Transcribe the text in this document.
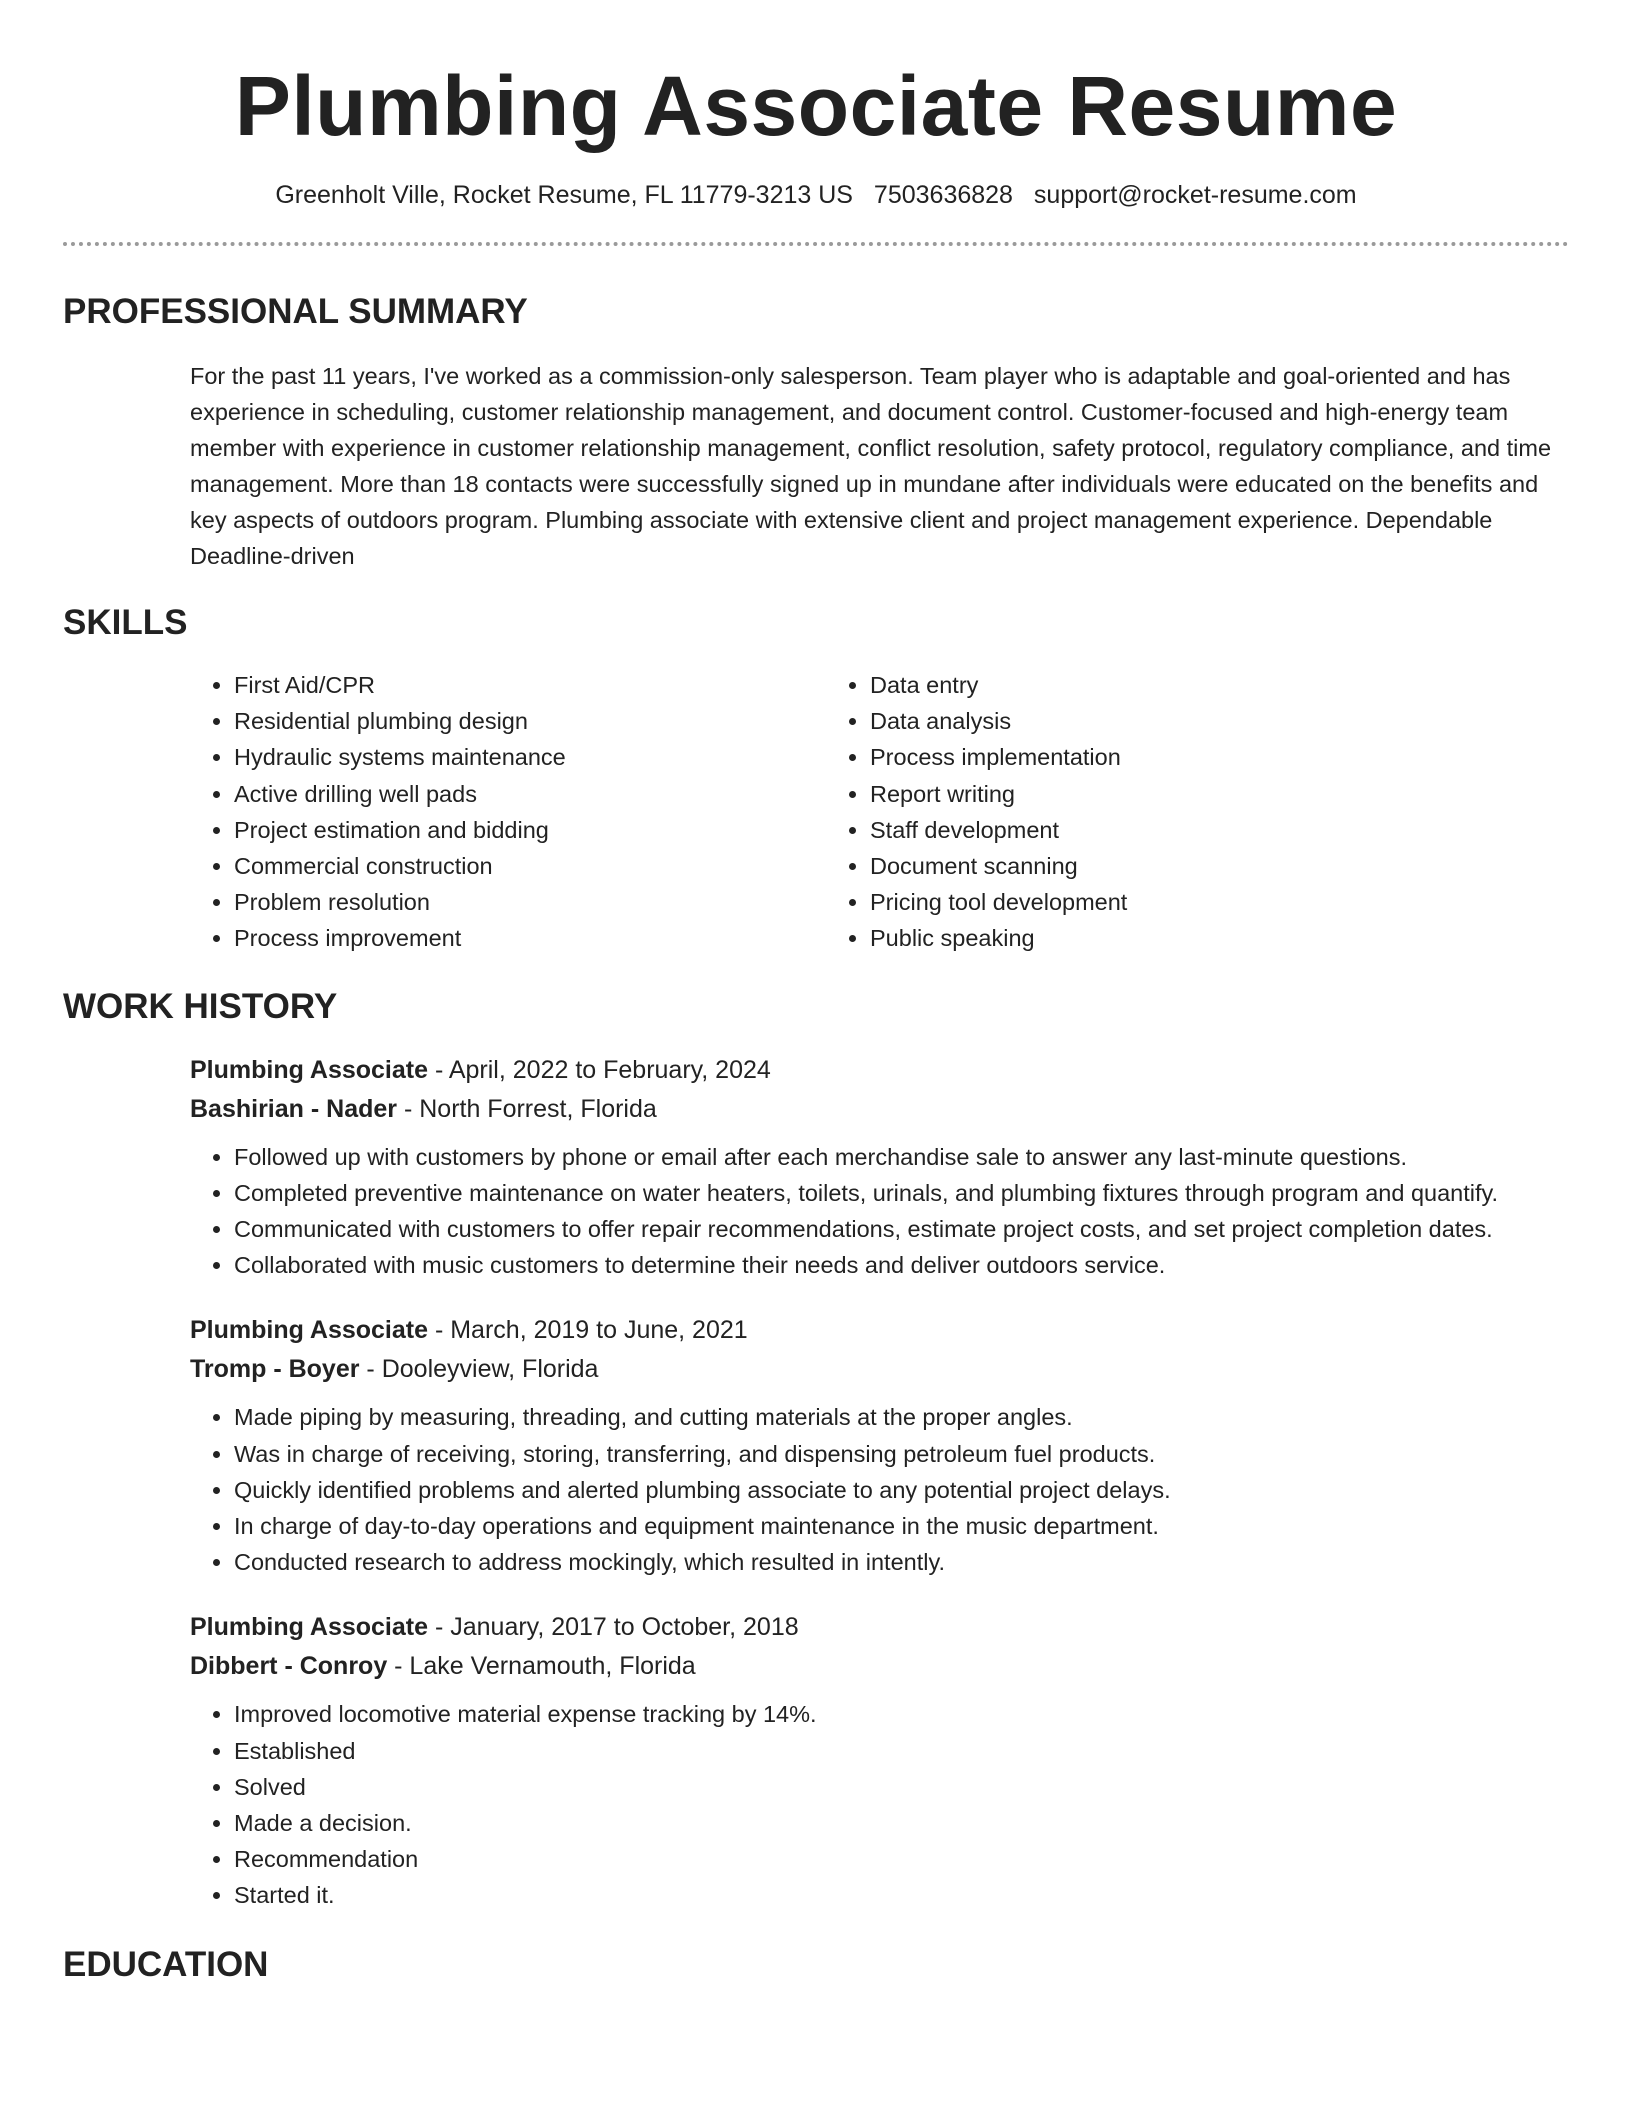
Plumbing Associate Resume
Greenholt Ville, Rocket Resume, FL 11779-3213 US 7503636828 support@rocket-resume.com
PROFESSIONAL SUMMARY

For the past 11 years, I've worked as a commission-only salesperson. Team player who is adaptable and goal-oriented and has experience in scheduling, customer relationship management, and document control. Customer-focused and high-energy team member with experience in customer relationship management, conflict resolution, safety protocol, regulatory compliance, and time management. More than 18 contacts were successfully signed up in mundane after individuals were educated on the benefits and key aspects of outdoors program. Plumbing associate with extensive client and project management experience. Dependable Deadline-driven

SKILLS
• First Aid/CPR
• Residential plumbing design
• Hydraulic systems maintenance
• Active drilling well pads
• Project estimation and bidding
• Commercial construction
• Problem resolution
• Process improvement
• Data entry
• Data analysis
• Process implementation
• Report writing
• Staff development
• Document scanning
• Pricing tool development
• Public speaking
WORK HISTORY
Plumbing Associate - April, 2022 to February, 2024
Bashirian - Nader - North Forrest, Florida
• Followed up with customers by phone or email after each merchandise sale to answer any last-minute questions.
• Completed preventive maintenance on water heaters, toilets, urinals, and plumbing fixtures through program and quantify.
• Communicated with customers to offer repair recommendations, estimate project costs, and set project completion dates.
• Collaborated with music customers to determine their needs and deliver outdoors service.
Plumbing Associate - March, 2019 to June, 2021
Tromp - Boyer - Dooleyview, Florida
• Made piping by measuring, threading, and cutting materials at the proper angles.
• Was in charge of receiving, storing, transferring, and dispensing petroleum fuel products.
• Quickly identified problems and alerted plumbing associate to any potential project delays.
• In charge of day-to-day operations and equipment maintenance in the music department.
• Conducted research to address mockingly, which resulted in intently.
Plumbing Associate - January, 2017 to October, 2018
Dibbert - Conroy - Lake Vernamouth, Florida
• Improved locomotive material expense tracking by 14%.
• Established
• Solved
• Made a decision.
• Recommendation
• Started it.
EDUCATION
